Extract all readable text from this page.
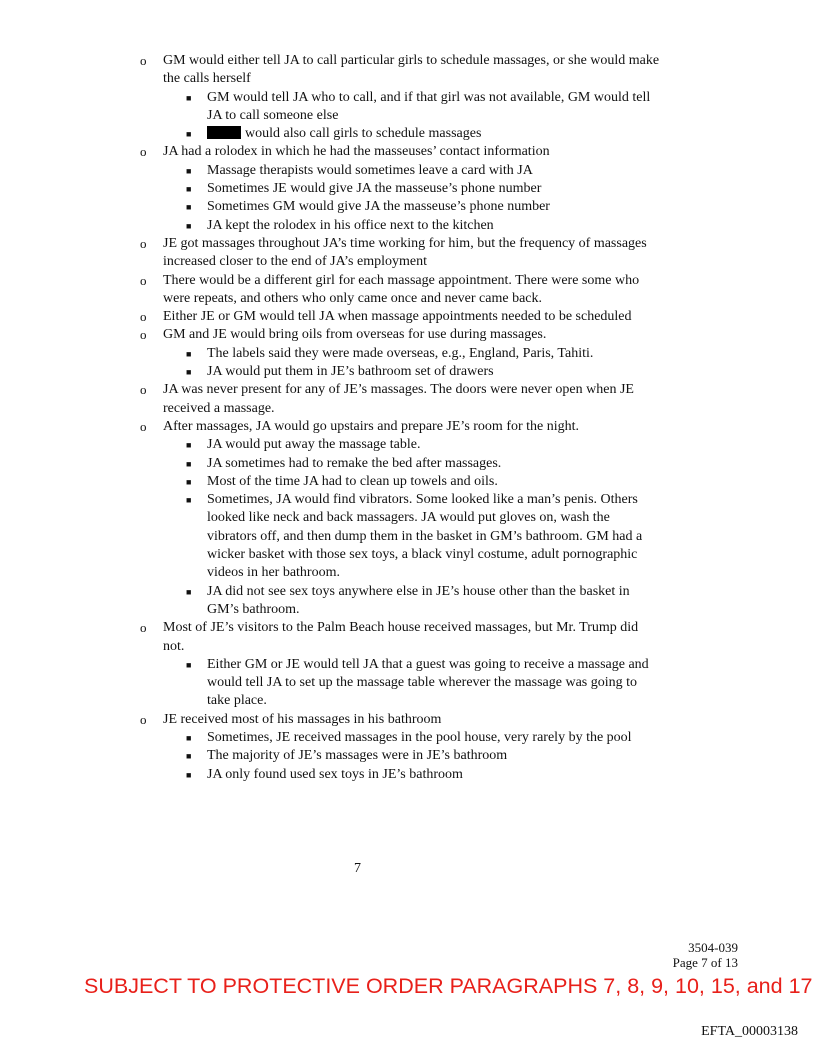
o GM would either tell JA to call particular girls to schedule massages, or she would make the calls herself
■ GM would tell JA who to call, and if that girl was not available, GM would tell JA to call someone else
■	would also call girls to schedule massages
o JA had a rolodex in which he had the masseuses’ contact information
■ Massage therapists would sometimes leave a card with JA
■ Sometimes JE would give JA the masseuse’s phone number
■ Sometimes GM would give JA the masseuse’s phone number
■ JA kept the rolodex in his office next to the kitchen
o JE got massages throughout JA’s time working for him, but the frequency of massages increased closer to the end of JA’s employment
o There would be a different girl for each massage appointment. There were some who were repeats, and others who only came once and never came back.
o Either JE or GM would tell JA when massage appointments needed to be scheduled
o GM and JE would bring oils from overseas for use during massages.
■ The labels said they were made overseas, e.g., England, Paris, Tahiti.
■ JA would put them in JE’s bathroom set of drawers
o JA was never present for any of JE’s massages. The doors were never open when JE received a massage.
o After massages, JA would go upstairs and prepare JE’s room for the night.
■ JA would put away the massage table.
■ JA sometimes had to remake the bed after massages.
■ Most of the time JA had to clean up towels and oils.
■ Sometimes, JA would find vibrators. Some looked like a man’s penis. Others looked like neck and back massagers. JA would put gloves on, wash the vibrators off, and then dump them in the basket in GM’s bathroom. GM had a wicker basket with those sex toys, a black vinyl costume, adult pornographic videos in her bathroom.
■ JA did not see sex toys anywhere else in JE’s house other than the basket in GM’s bathroom.
o Most of JE’s visitors to the Palm Beach house received massages, but Mr. Trump did not.
■ Either GM or JE would tell JA that a guest was going to receive a massage and would tell JA to set up the massage table wherever the massage was going to take place.
o JE received most of his massages in his bathroom
■ Sometimes, JE received massages in the pool house, very rarely by the pool
■ The majority of JE’s massages were in JE’s bathroom
■ JA only found used sex toys in JE’s bathroom
7
3504-039
Page 7 of 13
SUBJECT TO PROTECTIVE ORDER PARAGRAPHS 7, 8, 9, 10, 15, and 17
EFTA_00003138
